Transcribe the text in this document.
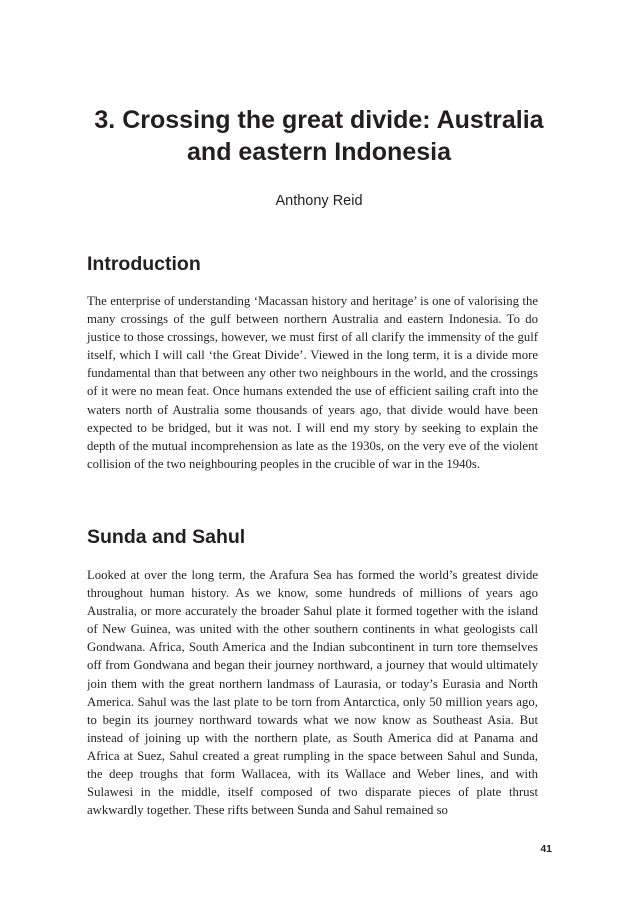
3. Crossing the great divide: Australia
and eastern Indonesia
Anthony Reid
Introduction

The enterprise of understanding ‘Macassan history and heritage’ is one of valorising the many crossings of the gulf between northern Australia and eastern Indonesia. To do justice to those crossings, however, we must first of all clarify the immensity of the gulf itself, which I will call ‘the Great Divide’. Viewed in the long term, it is a divide more fundamental than that between any other two neighbours in the world, and the crossings of it were no mean feat. Once humans extended the use of efficient sailing craft into the waters north of Australia some thousands of years ago, that divide would have been expected to be bridged, but it was not. I will end my story by seeking to explain the depth of the mutual incomprehension as late as the 1930s, on the very eve of the violent collision of the two neighbouring peoples in the crucible of war in the 1940s.

Sunda and Sahul

Looked at over the long term, the Arafura Sea has formed the world’s greatest divide throughout human history. As we know, some hundreds of millions of years ago Australia, or more accurately the broader Sahul plate it formed together with the island of New Guinea, was united with the other southern continents in what geologists call Gondwana. Africa, South America and the Indian subcontinent in turn tore themselves off from Gondwana and began their journey northward, a journey that would ultimately join them with the great northern landmass of Laurasia, or today’s Eurasia and North America. Sahul was the last plate to be torn from Antarctica, only 50 million years ago, to begin its journey northward towards what we now know as Southeast Asia. But instead of joining up with the northern plate, as South America did at Panama and Africa at Suez, Sahul created a great rumpling in the space between Sahul and Sunda, the deep troughs that form Wallacea, with its Wallace and Weber lines, and with Sulawesi in the middle, itself composed of two disparate pieces of plate thrust awkwardly together. These rifts between Sunda and Sahul remained so

41
